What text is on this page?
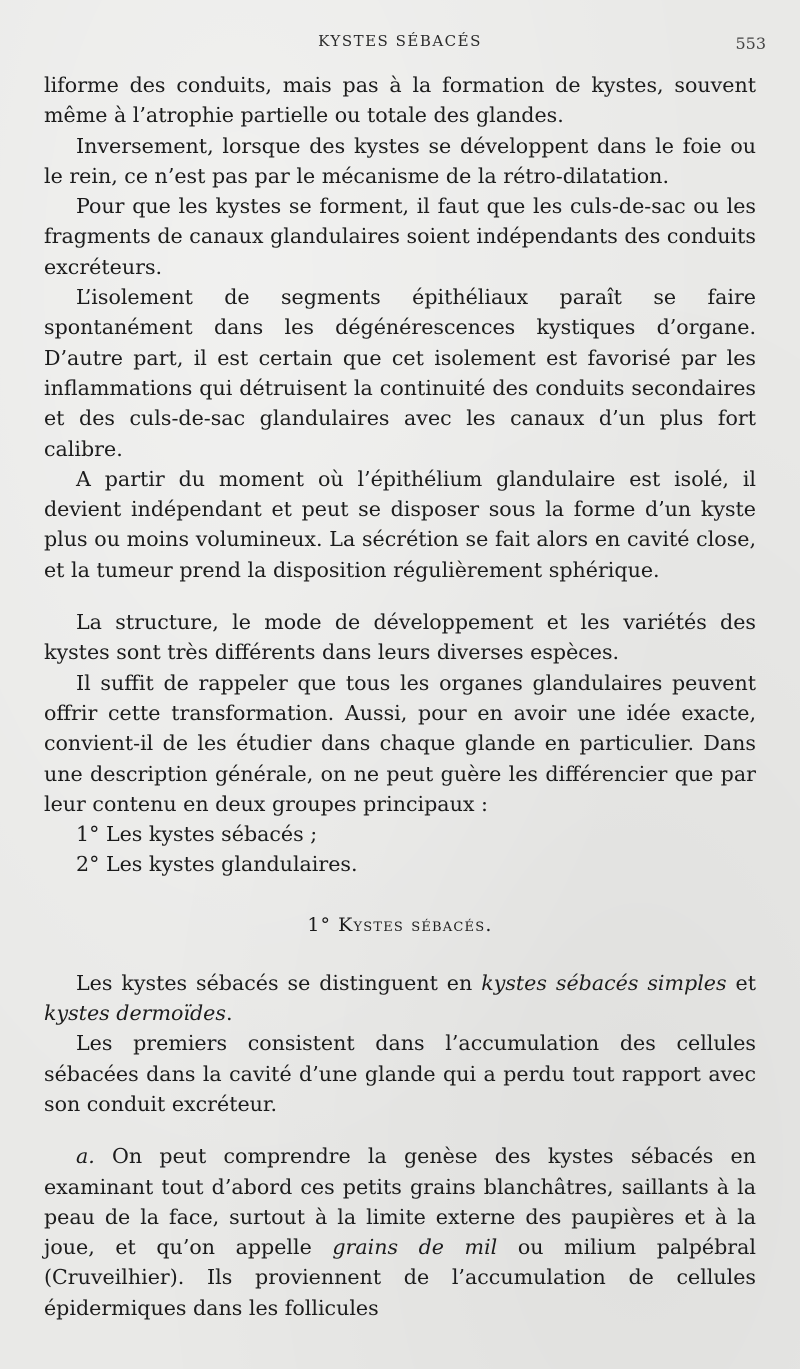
KYSTES SÉBACÉS	553

liforme des conduits, mais pas à la formation de kystes, souvent même à l’atrophie partielle ou totale des glandes.

Inversement, lorsque des kystes se développent dans le foie ou le rein, ce n’est pas par le mécanisme de la rétro-dilatation.

Pour que les kystes se forment, il faut que les culs-de-sac ou les fragments de canaux glandulaires soient indépendants des conduits excréteurs.

L’isolement de segments épithéliaux paraît se faire spontanément dans les dégénérescences kystiques d’organe. D’autre part, il est certain que cet isolement est favorisé par les inflammations qui détruisent la continuité des conduits secondaires et des culs-de-sac glandulaires avec les canaux d’un plus fort calibre.

A partir du moment où l’épithélium glandulaire est isolé, il devient indépendant et peut se disposer sous la forme d’un kyste plus ou moins volumineux. La sécrétion se fait alors en cavité close, et la tumeur prend la disposition régulièrement sphérique.

La structure, le mode de développement et les variétés des kystes sont très différents dans leurs diverses espèces.

Il suffit de rappeler que tous les organes glandulaires peuvent offrir cette transformation. Aussi, pour en avoir une idée exacte, convient-il de les étudier dans chaque glande en particulier. Dans une description générale, on ne peut guère les différencier que par leur contenu en deux groupes principaux :

1° Les kystes sébacés ;

2° Les kystes glandulaires.

1° Kystes sébacés.

Les kystes sébacés se distinguent en kystes sébacés simples et kystes dermoïdes.

Les premiers consistent dans l’accumulation des cellules sébacées dans la cavité d’une glande qui a perdu tout rapport avec son conduit excréteur.

a. On peut comprendre la genèse des kystes sébacés en examinant tout d’abord ces petits grains blanchâtres, saillants à la peau de la face, surtout à la limite externe des paupières et à la joue, et qu’on appelle grains de mil ou milium palpébral (Cruveilhier). Ils proviennent de l’accumulation de cellules épidermiques dans les follicules
